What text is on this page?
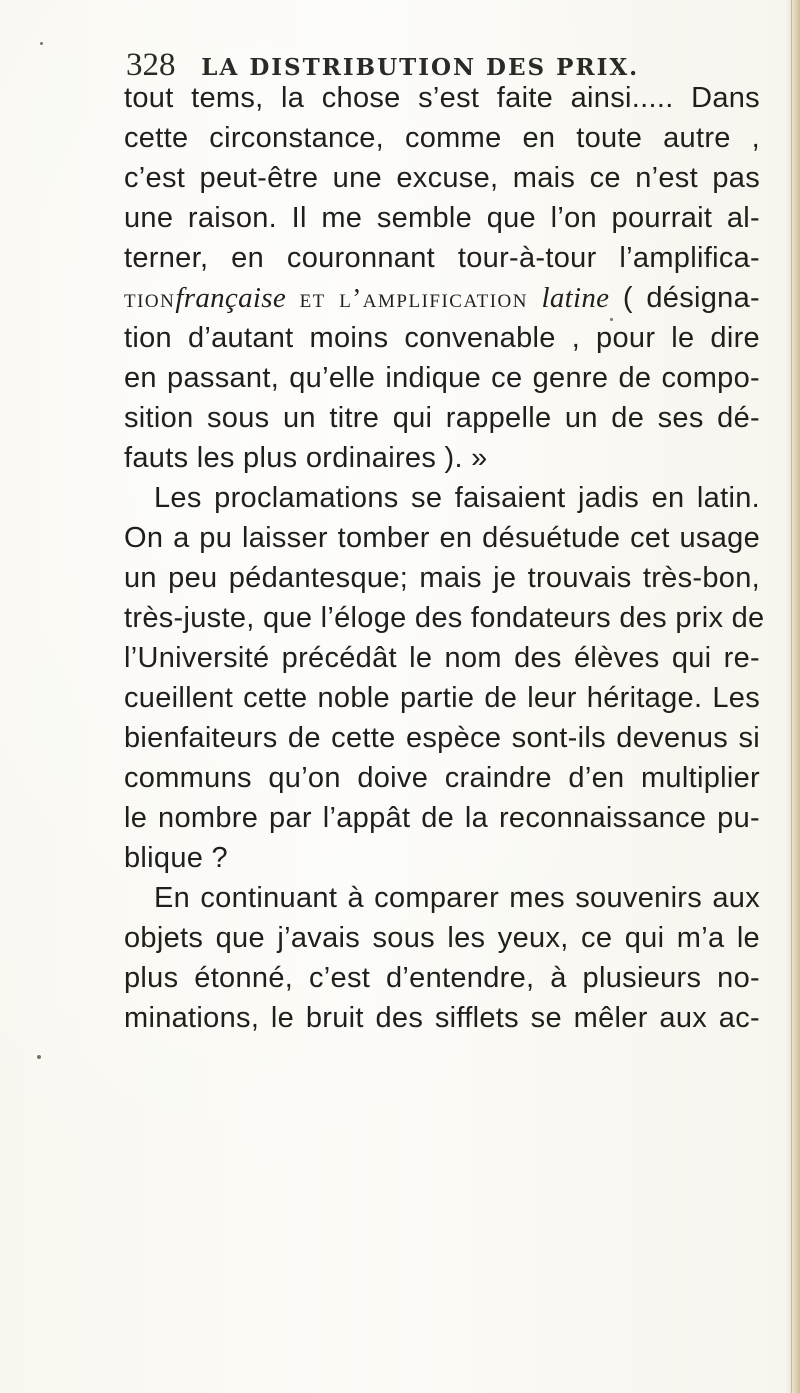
328 LA DISTRIBUTION DES PRIX.
tout tems, la chose s’est faite ainsi..... Dans
cette circonstance, comme en toute autre ,
c’est peut-être une excuse, mais ce n’est pas
une raison. Il me semble que l’on pourrait al-
terner, en couronnant tour-à-tour l’amplifica-
tionfrançaise et l’amplification latine ( désigna-
tion d’autant moins convenable , pour le dire
en passant, qu’elle indique ce genre de compo-
sition sous un titre qui rappelle un de ses dé-
fauts les plus ordinaires ). »
Les proclamations se faisaient jadis en latin.
On a pu laisser tomber en désuétude cet usage
un peu pédantesque; mais je trouvais très-bon,
très-juste, que l’éloge des fondateurs des prix de
l’Université précédât le nom des élèves qui re-
cueillent cette noble partie de leur héritage. Les
bienfaiteurs de cette espèce sont-ils devenus si
communs qu’on doive craindre d’en multiplier
le nombre par l’appât de la reconnaissance pu-
blique ?
En continuant à comparer mes souvenirs aux
objets que j’avais sous les yeux, ce qui m’a le
plus étonné, c’est d’entendre, à plusieurs no-
minations, le bruit des sifflets se mêler aux ac-
